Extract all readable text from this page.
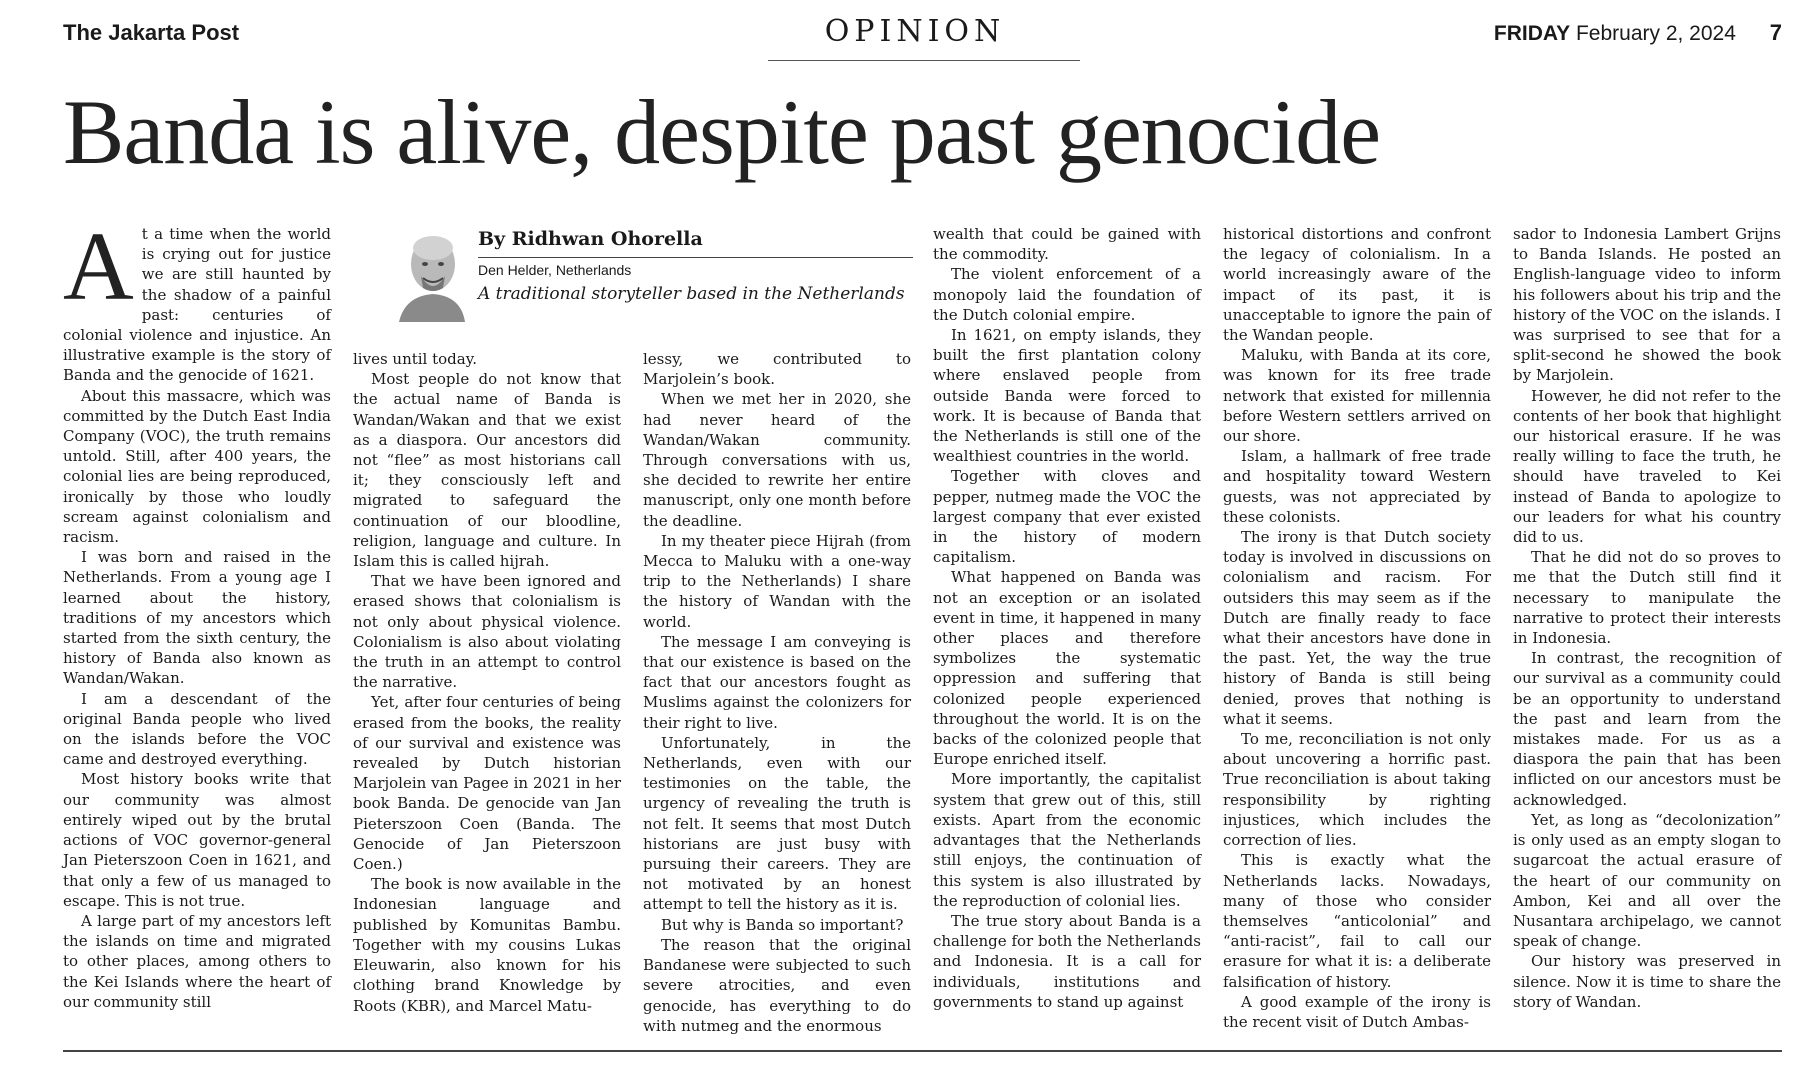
The Jakarta Post	OPINION	FRIDAY February 2, 2024 7
Banda is alive, despite past genocide
By Ridhwan Ohorella
Den Helder, Netherlands
A traditional storyteller based in the Netherlands
A t a time when the world is crying out for justice we are still haunted by the shadow of a painful past: centuries of colonial violence and injustice. An illustrative example is the story of Banda and the genocide of 1621.

About this massacre, which was committed by the Dutch East India Company (VOC), the truth remains untold. Still, after 400 years, the colonial lies are being reproduced, ironically by those who loudly scream against colonialism and racism.

I was born and raised in the Netherlands. From a young age I learned about the history, traditions of my ancestors which started from the sixth century, the history of Banda also known as Wandan/Wakan.

I am a descendant of the original Banda people who lived on the islands before the VOC came and destroyed everything.

Most history books write that our community was almost entirely wiped out by the brutal actions of VOC governor-general Jan Pieterszoon Coen in 1621, and that only a few of us managed to escape. This is not true.

A large part of my ancestors left the islands on time and migrated to other places, among others to the Kei Islands where the heart of our community still

lives until today.

Most people do not know that the actual name of Banda is Wandan/Wakan and that we exist as a diaspora. Our ancestors did not “flee” as most historians call it; they consciously left and migrated to safeguard the continuation of our bloodline, religion, language and culture. In Islam this is called hijrah.

That we have been ignored and erased shows that colonialism is not only about physical violence. Colonialism is also about violating the truth in an attempt to control the narrative.

Yet, after four centuries of being erased from the books, the reality of our survival and existence was revealed by Dutch historian Marjolein van Pagee in 2021 in her book Banda. De genocide van Jan Pieterszoon Coen (Banda. The Genocide of Jan Pieterszoon Coen.)

The book is now available in the Indonesian language and published by Komunitas Bambu. Together with my cousins Lukas Eleuwarin, also known for his clothing brand Knowledge by Roots (KBR), and Marcel Matu-

lessy, we contributed to Marjolein’s book.

When we met her in 2020, she had never heard of the Wandan/Wakan community. Through conversations with us, she decided to rewrite her entire manuscript, only one month before the deadline.

In my theater piece Hijrah (from Mecca to Maluku with a one-way trip to the Netherlands) I share the history of Wandan with the world.

The message I am conveying is that our existence is based on the fact that our ancestors fought as Muslims against the colonizers for their right to live.

Unfortunately, in the Netherlands, even with our testimonies on the table, the urgency of revealing the truth is not felt. It seems that most Dutch historians are just busy with pursuing their careers. They are not motivated by an honest attempt to tell the history as it is.

But why is Banda so important?

The reason that the original Bandanese were subjected to such severe atrocities, and even genocide, has everything to do with nutmeg and the enormous

wealth that could be gained with the commodity.

The violent enforcement of a monopoly laid the foundation of the Dutch colonial empire.

In 1621, on empty islands, they built the first plantation colony where enslaved people from outside Banda were forced to work. It is because of Banda that the Netherlands is still one of the wealthiest countries in the world.

Together with cloves and pepper, nutmeg made the VOC the largest company that ever existed in the history of modern capitalism.

What happened on Banda was not an exception or an isolated event in time, it happened in many other places and therefore symbolizes the systematic oppression and suffering that colonized people experienced throughout the world. It is on the backs of the colonized people that Europe enriched itself.

More importantly, the capitalist system that grew out of this, still exists. Apart from the economic advantages that the Netherlands still enjoys, the continuation of this system is also illustrated by the reproduction of colonial lies.

The true story about Banda is a challenge for both the Netherlands and Indonesia. It is a call for individuals, institutions and governments to stand up against

historical distortions and confront the legacy of colonialism. In a world increasingly aware of the impact of its past, it is unacceptable to ignore the pain of the Wandan people.

Maluku, with Banda at its core, was known for its free trade network that existed for millennia before Western settlers arrived on our shore.

Islam, a hallmark of free trade and hospitality toward Western guests, was not appreciated by these colonists.

The irony is that Dutch society today is involved in discussions on colonialism and racism. For outsiders this may seem as if the Dutch are finally ready to face what their ancestors have done in the past. Yet, the way the true history of Banda is still being denied, proves that nothing is what it seems.

To me, reconciliation is not only about uncovering a horrific past. True reconciliation is about taking responsibility by righting injustices, which includes the correction of lies.

This is exactly what the Netherlands lacks. Nowadays, many of those who consider themselves “anticolonial” and “anti-racist”, fail to call our erasure for what it is: a deliberate falsification of history.

A good example of the irony is the recent visit of Dutch Ambas-

sador to Indonesia Lambert Grijns to Banda Islands. He posted an English-language video to inform his followers about his trip and the history of the VOC on the islands. I was surprised to see that for a split-second he showed the book by Marjolein.

However, he did not refer to the contents of her book that highlight our historical erasure. If he was really willing to face the truth, he should have traveled to Kei instead of Banda to apologize to our leaders for what his country did to us.

That he did not do so proves to me that the Dutch still find it necessary to manipulate the narrative to protect their interests in Indonesia.

In contrast, the recognition of our survival as a community could be an opportunity to understand the past and learn from the mistakes made. For us as a diaspora the pain that has been inflicted on our ancestors must be acknowledged.

Yet, as long as “decolonization” is only used as an empty slogan to sugarcoat the actual erasure of the heart of our community on Ambon, Kei and all over the Nusantara archipelago, we cannot speak of change.

Our history was preserved in silence. Now it is time to share the story of Wandan.
